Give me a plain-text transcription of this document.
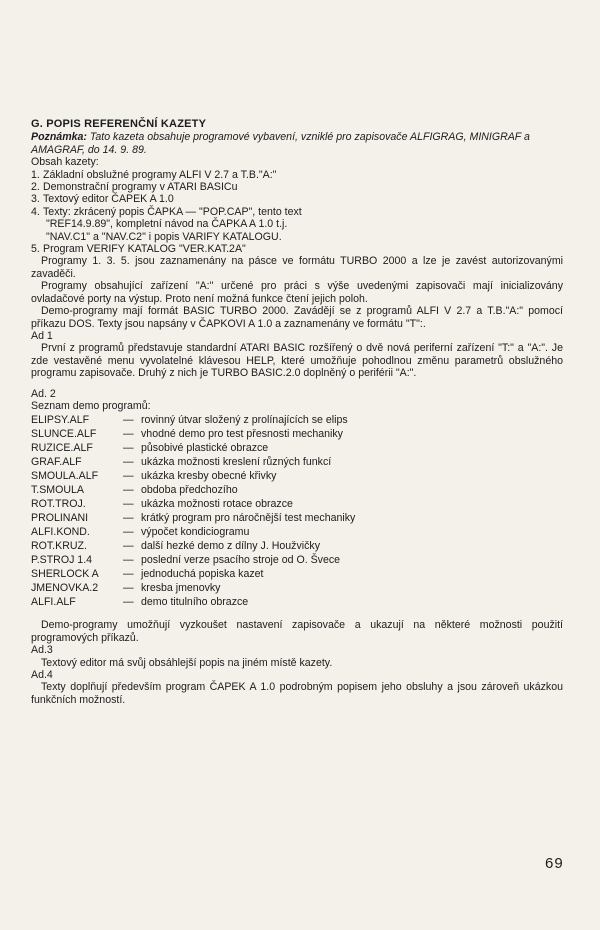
G. POPIS REFERENČNÍ KAZETY
Poznámka: Tato kazeta obsahuje programové vybavení, vzniklé pro zapisovače ALFIGRAG, MINIGRAF a AMAGRAF, do 14. 9. 89.
Obsah kazety:
1. Základní obslužné programy ALFI V 2.7 a T.B."A:"
2. Demonstrační programy v ATARI BASICu
3. Textový editor ČAPEK A 1.0
4. Texty: zkrácený popis ČAPKA — "POP.CAP", tento text
"REF14.9.89", kompletní návod na ČAPKA A 1.0 t.j.
"NAV.C1" a "NAV.C2" i popis VARIFY KATALOGU.
5. Program VERIFY KATALOG "VER.KAT.2A"
Programy 1. 3. 5. jsou zaznamenány na pásce ve formátu TURBO 2000 a lze je zavést autorizovanými zavaděči.
Programy obsahující zařízení "A:" určené pro práci s výše uvedenými zapisovači mají inicializovány ovladačové porty na výstup. Proto není možná funkce čtení jejich poloh.
Demo-programy mají formát BASIC TURBO 2000. Zavádějí se z programů ALFI V 2.7 a T.B."A:" pomocí příkazu DOS. Texty jsou napsány v ČAPKOVI A 1.0 a zaznamenány ve formátu "T":.
Ad 1
První z programů představuje standardní ATARI BASIC rozšířený o dvě nová periferní zařízení "T:" a "A:". Je zde vestavěné menu vyvolatelné klávesou HELP, které umožňuje pohodlnou změnu parametrů obslužného programu zapisovače. Druhý z nich je TURBO BASIC.2.0 doplněný o periférii "A:".
Ad. 2
Seznam demo programů:
ELIPSY.ALF	— rovinný útvar složený z prolínajících se elips
SLUNCE.ALF	— vhodné demo pro test přesnosti mechaniky
RUZICE.ALF	— působivé plastické obrazce
GRAF.ALF	— ukázka možnosti kreslení různých funkcí
SMOULA.ALF	— ukázka kresby obecné křivky
T.SMOULA	— obdoba předchozího
ROT.TROJ.	— ukázka možnosti rotace obrazce
PROLINANI	— krátký program pro náročnější test mechaniky
ALFI.KOND.	— výpočet kondiciogramu
ROT.KRUZ.	— další hezké demo z dílny J. Houžvičky
P.STROJ 1.4	— poslední verze psacího stroje od O. Švece
SHERLOCK A	— jednoduchá popiska kazet
JMENOVKA.2	— kresba jmenovky
ALFI.ALF	— demo titulního obrazce
Demo-programy umožňují vyzkoušet nastavení zapisovače a ukazují na některé možnosti použití programových příkazů.
Ad.3
Textový editor má svůj obsáhlejší popis na jiném místě kazety.
Ad.4
Texty doplňují především program ČAPEK A 1.0 podrobným popisem jeho obsluhy a jsou zároveň ukázkou funkčních možností.
69
